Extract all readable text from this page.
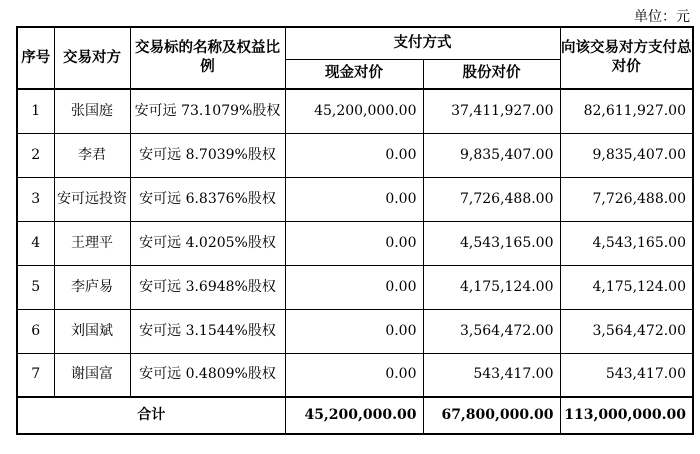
单位：元
序号	交易对方	交易标的名称及权益比例	支付方式		向该交易对方支付总对价
			现金对价	股份对价	
1	张国庭	安可远 73.1079%股权	45,200,000.00	37,411,927.00	82,611,927.00
2	李君	安可远 8.7039%股权	0.00	9,835,407.00	9,835,407.00
3	安可远投资	安可远 6.8376%股权	0.00	7,726,488.00	7,726,488.00
4	王理平	安可远 4.0205%股权	0.00	4,543,165.00	4,543,165.00
5	李庐易	安可远 3.6948%股权	0.00	4,175,124.00	4,175,124.00
6	刘国斌	安可远 3.1544%股权	0.00	3,564,472.00	3,564,472.00
7	谢国富	安可远 0.4809%股权	0.00	543,417.00	543,417.00
合计			45,200,000.00	67,800,000.00	113,000,000.00
